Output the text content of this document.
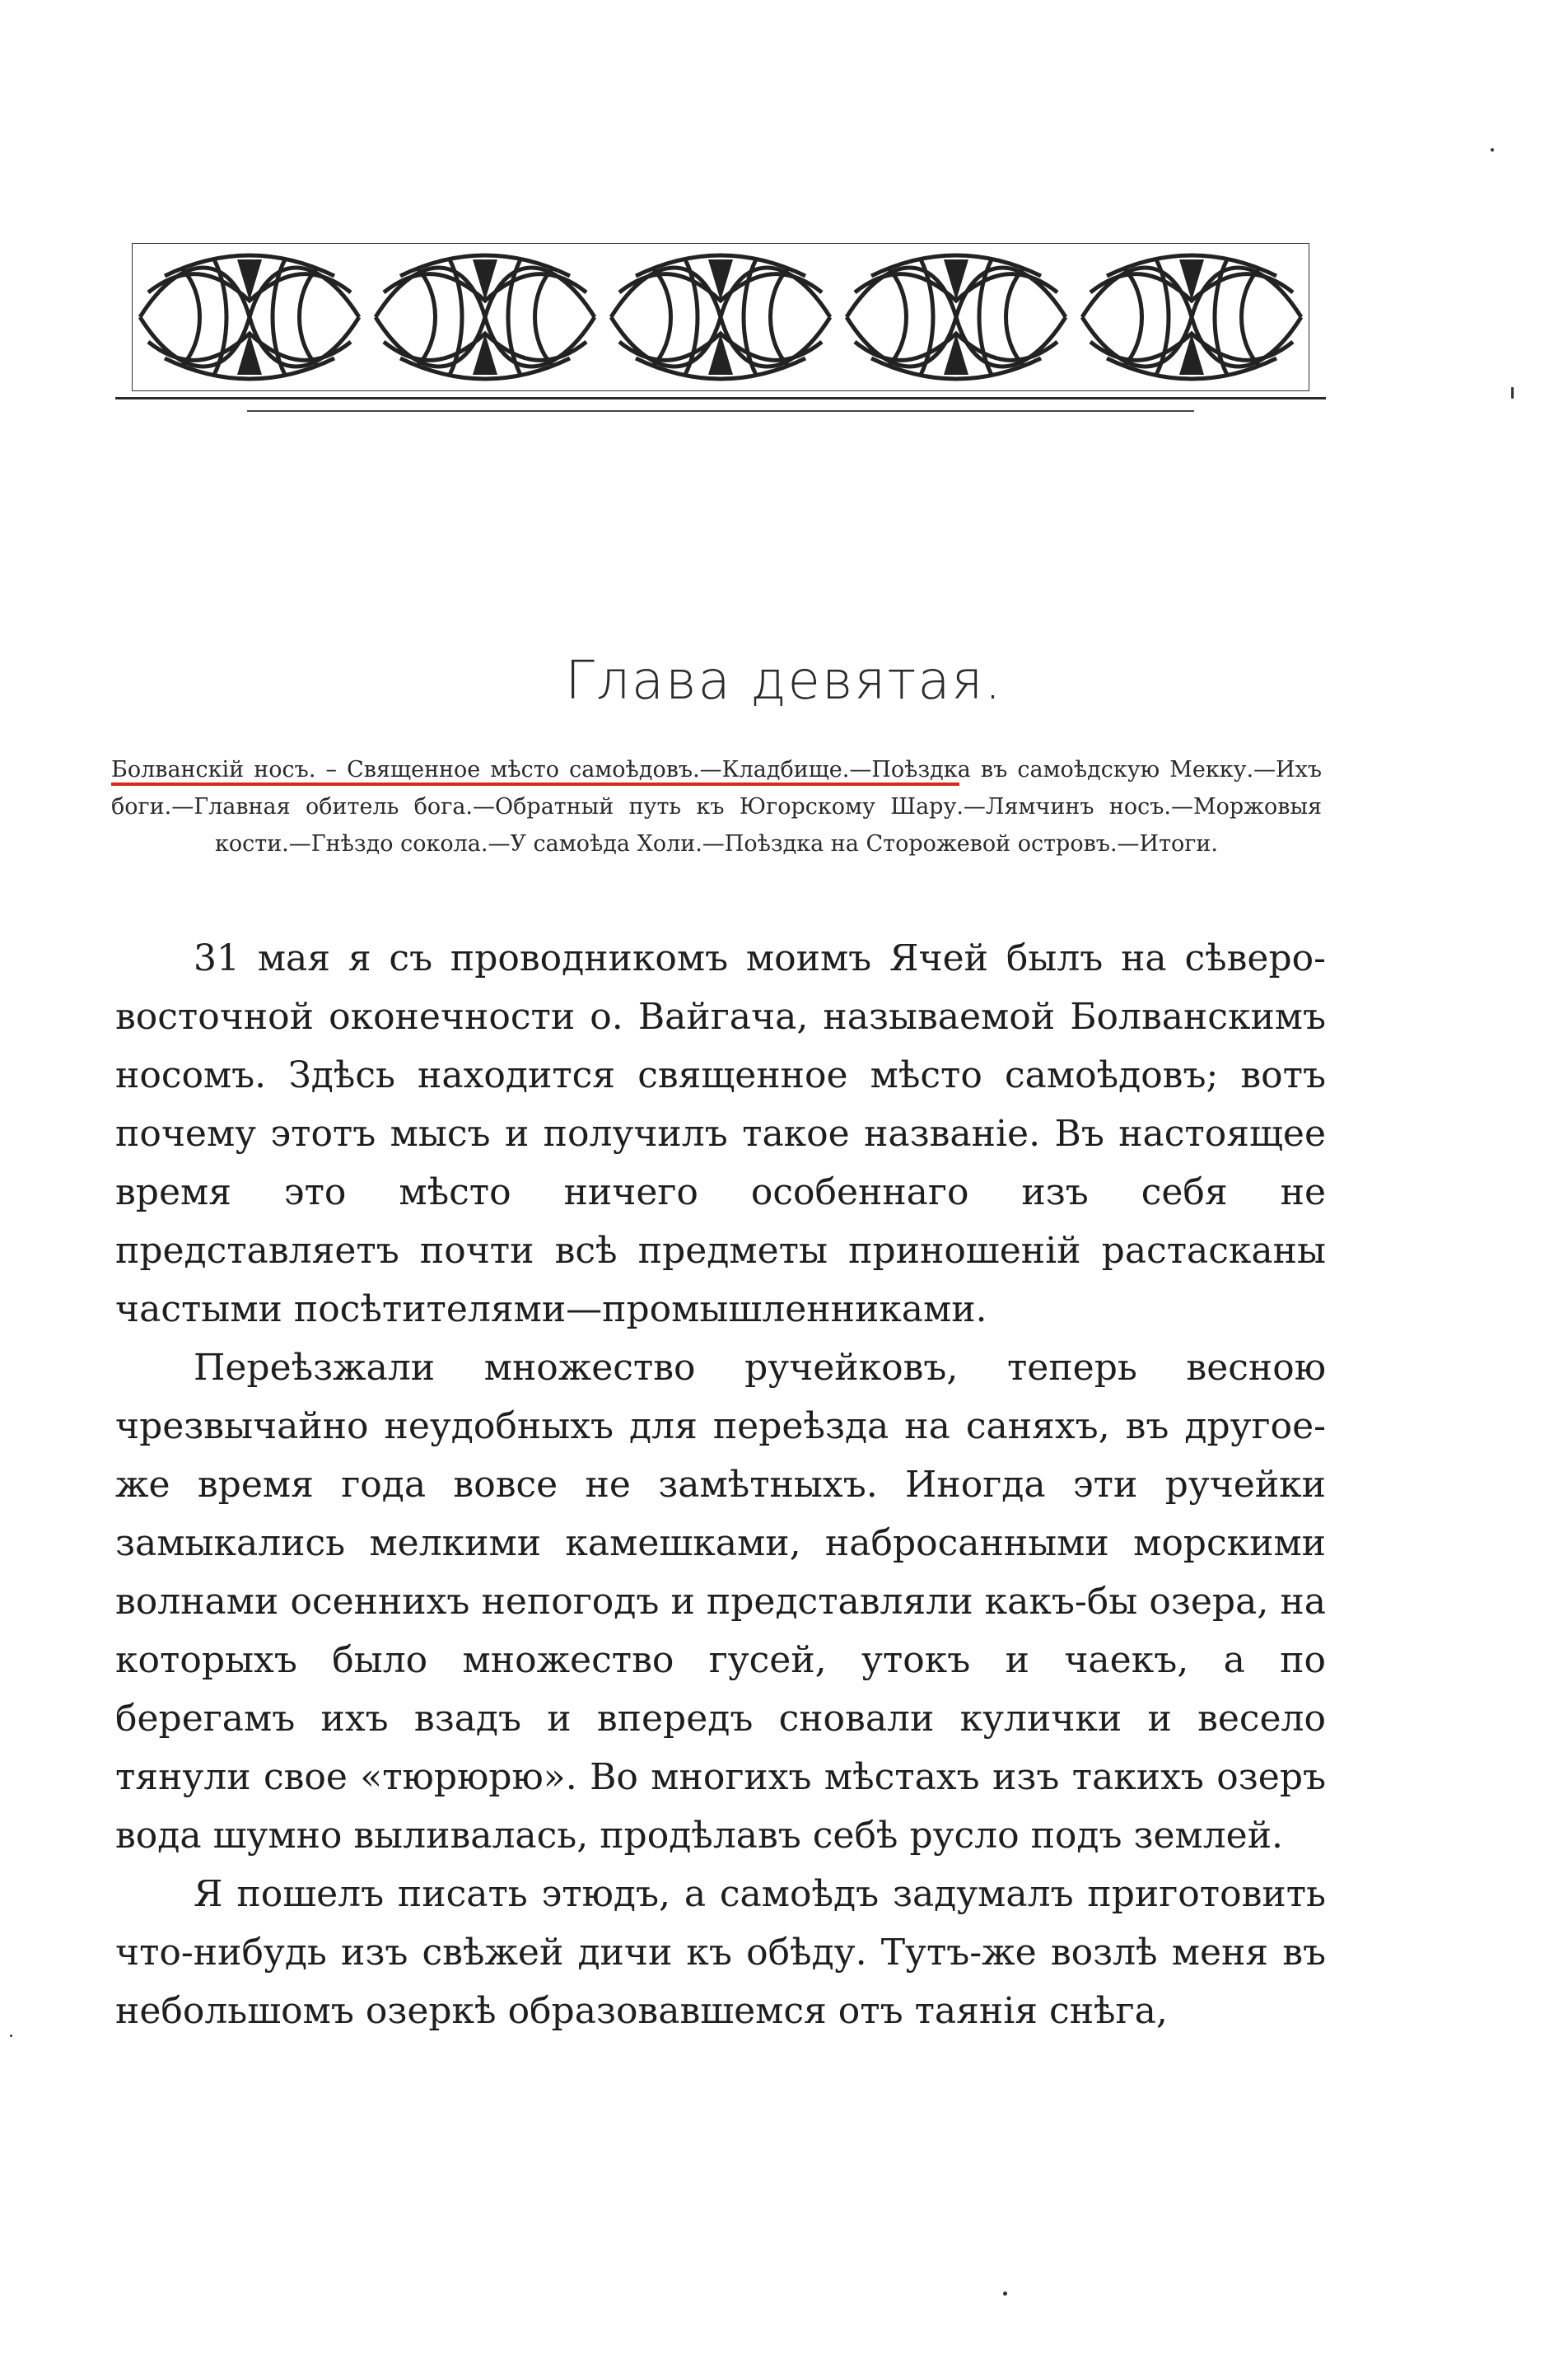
Глава девятая.

Болванскій носъ. – Священное мѣсто самоѣдовъ.—Кладбище.—Поѣздка въ самоѣдскую Мекку.—Ихъ боги.—Главная обитель бога.—Обратный путь къ Югорскому Шару.—Лямчинъ носъ.—Моржовыя кости.—Гнѣздо сокола.—У самоѣда Холи.—Поѣздка на Сторожевой островъ.—Итоги.

31 мая я съ проводникомъ моимъ Ячей былъ на сѣверо-восточной оконечности о. Вайгача, называемой Болванскимъ носомъ. Здѣсь находится священное мѣсто самоѣдовъ; вотъ почему этотъ мысъ и получилъ такое названіе. Въ настоящее время это мѣсто ничего особеннаго изъ себя не представляетъ почти всѣ предметы приношеній растасканы частыми посѣтителями—промышленниками.

Переѣзжали множество ручейковъ, теперь весною чрезвычайно неудобныхъ для переѣзда на саняхъ, въ другое-же время года вовсе не замѣтныхъ. Иногда эти ручейки замыкались мелкими камешками, набросанными морскими волнами осеннихъ непогодъ и представляли какъ-бы озера, на которыхъ было множество гусей, утокъ и чаекъ, а по берегамъ ихъ взадъ и впередъ сновали кулички и весело тянули свое «тюрюрю». Во многихъ мѣстахъ изъ такихъ озеръ вода шумно выливалась, продѣлавъ себѣ русло подъ землей.

Я пошелъ писать этюдъ, а самоѣдъ задумалъ приготовить что-нибудь изъ свѣжей дичи къ обѣду. Тутъ-же возлѣ меня въ небольшомъ озеркѣ образовавшемся отъ таянія снѣга,
